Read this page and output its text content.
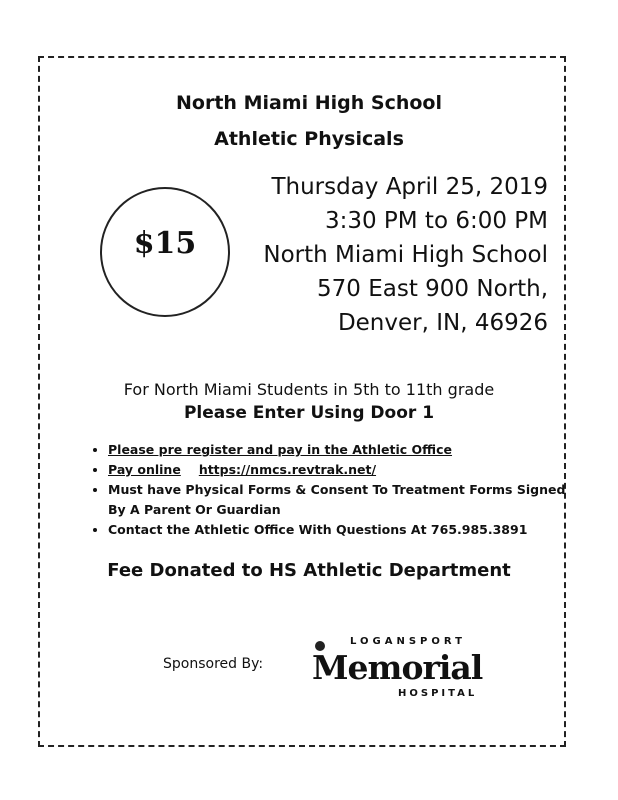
North Miami High School
Athletic Physicals
$15
Thursday April 25, 2019
3:30 PM to 6:00 PM
North Miami High School
570 East 900 North,
Denver, IN, 46926
For North Miami Students in 5th to 11th grade
Please Enter Using Door 1
• Please pre register and pay in the Athletic Office
• Pay online https://nmcs.revtrak.net/
• Must have Physical Forms & Consent To Treatment Forms Signed By A Parent Or Guardian
• Contact the Athletic Office With Questions At 765.985.3891
Fee Donated to HS Athletic Department
Sponsored By:
LOGANSPORT
Memorial
HOSPITAL
